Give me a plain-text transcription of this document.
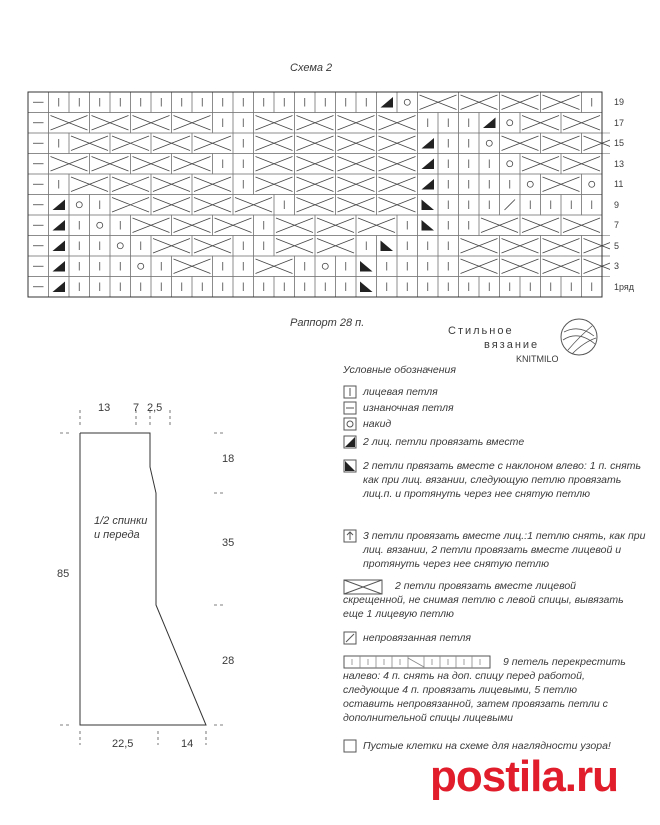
Схема 2
19
17
15
13
11
9
7
5
3
1ряд
Раппорт 28 п.
Стильное
вязание
KNITMILO
Условные обозначения
лицевая петля
изнаночная петля
накид
2 лиц. петли провязать вместе
2 петли првязать вместе с наклоном влево: 1 п. снять как при лиц. вязании, следующую петлю провязать лиц.п. и протянуть через нее снятую петлю
3 петли провязать вместе лиц.:1 петлю снять, как при лиц. вязании, 2 петли провязать вместе лицевой и протянуть через нее снятую петлю
2 петли провязать вместе лицевой скрещенной, не снимая петлю с левой спицы, вывязать еще 1 лицевую петлю
непровязанная петля
9 петель перекрестить налево: 4 п. снять на доп. спицу перед работой, следующие 4 п. провязать лицевыми, 5 петлю оставить непровязанной, затем провязать петли с дополнительной спицы лицевыми
Пустые клетки на схеме для наглядности узора!
13 7 2,5
18
35
28
85
22,5	14
1/2 спинки и переда
postila.ru
